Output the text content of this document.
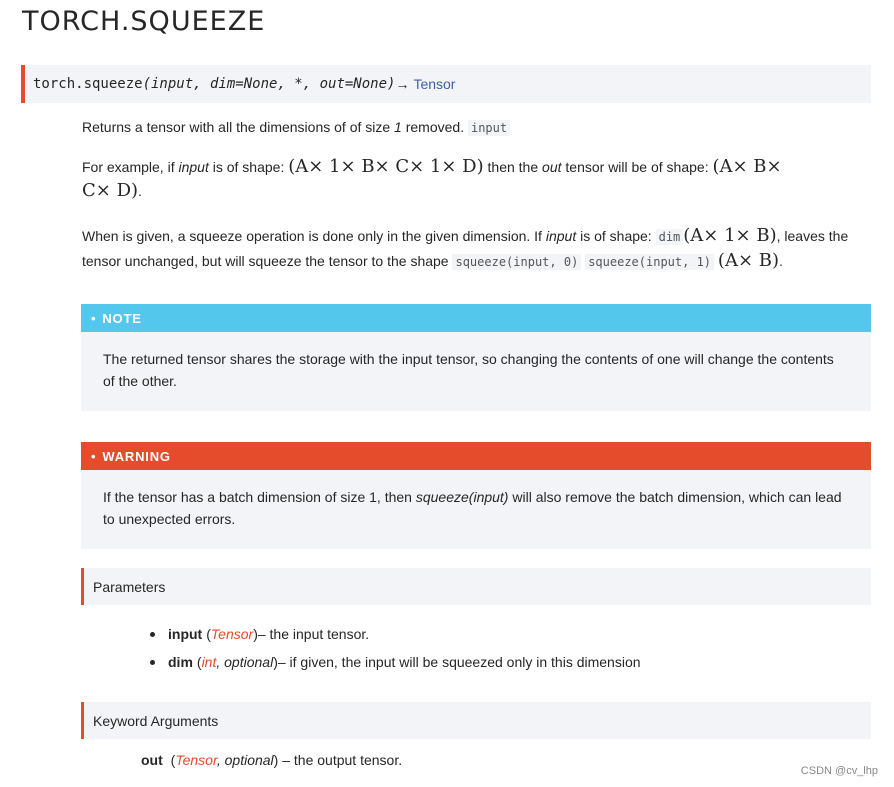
TORCH.SQUEEZE
torch.squeeze (input, dim=None, *, out=None) → Tensor
Returns a tensor with all the dimensions of of size 1 removed. input
For example, if input is of shape: (A× 1× B× C× 1× D) then the out tensor will be of shape: (A× B×
C× D).
When is given, a squeeze operation is done only in the given dimension. If input is of shape: dim (A× 1× B), leaves the tensor unchanged, but will squeeze the tensor to the shape squeeze(input, 0) squeeze(input, 1) (A× B).
• NOTE
The returned tensor shares the storage with the input tensor, so changing the contents of one will change the contents of the other.
• WARNING
If the tensor has a batch dimension of size 1, then squeeze(input) will also remove the batch dimension, which can lead to unexpected errors.
Parameters
input ( Tensor ) – the input tensor.
dim ( int , optional ) – if given, the input will be squeezed only in this dimension
Keyword Arguments
out (Tensor, optional) – the output tensor.
CSDN @cv_lhp
